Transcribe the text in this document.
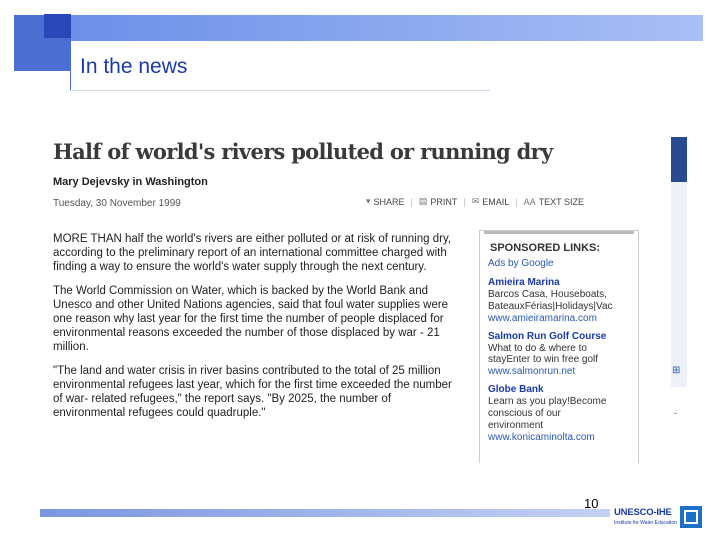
In the news
Half of world's rivers polluted or running dry
Mary Dejevsky in Washington
Tuesday, 30 November 1999	▾ SHARE | ▤ PRINT | ✉ EMAIL | AA TEXT SIZE

MORE THAN half the world's rivers are either polluted or at risk of running dry, according to the preliminary report of an international committee charged with finding a way to ensure the world's water supply through the next century.

The World Commission on Water, which is backed by the World Bank and Unesco and other United Nations agencies, said that foul water supplies were one reason why last year for the first time the number of people displaced for environmental reasons exceeded the number of those displaced by war - 21 million.

"The land and water crisis in river basins contributed to the total of 25 million environmental refugees last year, which for the first time exceeded the number of war- related refugees," the report says. "By 2025, the number of environmental refugees could quadruple."

SPONSORED LINKS:
Ads by Google
Amieira Marina
Barcos Casa, Houseboats,
BateauxFérias|Holidays|Vac
www.amieiramarina.com
Salmon Run Golf Course
What to do & where to
stayEnter to win free golf
www.salmonrun.net
Globe Bank
Learn as you play!Become
conscious of our
environment
www.konicaminolta.com
⊞
-
10
UNESCO-IHE
Institute for Water Education
